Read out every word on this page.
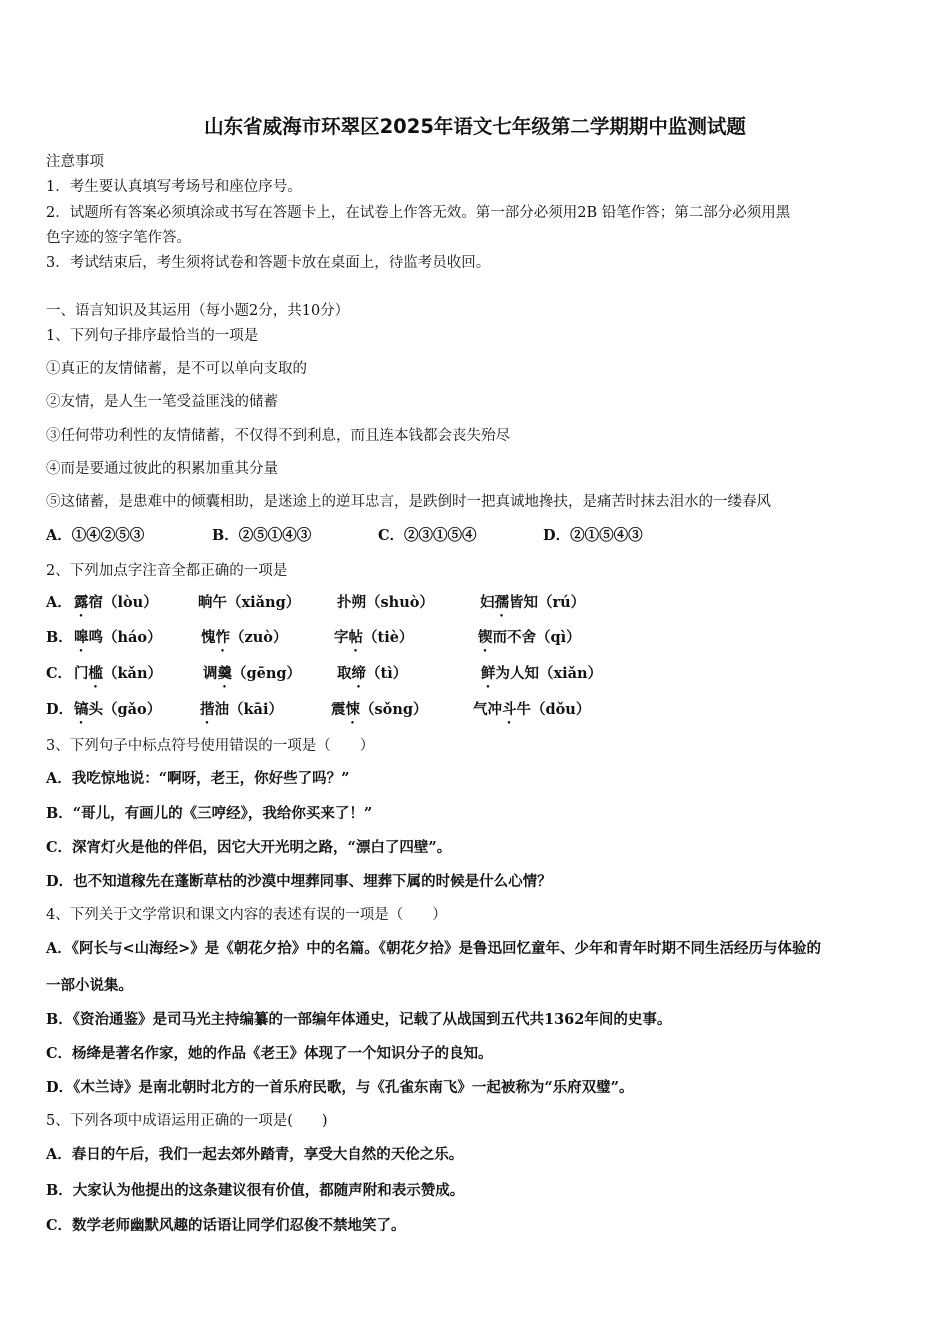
山东省威海市环翠区2025年语文七年级第二学期期中监测试题
注意事项
1．考生要认真填写考场号和座位序号。
2．试题所有答案必须填涂或书写在答题卡上，在试卷上作答无效。第一部分必须用2B 铅笔作答；第二部分必须用黑
色字迹的签字笔作答。
3．考试结束后，考生须将试卷和答题卡放在桌面上，待监考员收回。
一、语言知识及其运用（每小题2分，共10分）
1、下列句子排序最恰当的一项是
①真正的友情储蓄，是不可以单向支取的
②友情，是人生一笔受益匪浅的储蓄
③任何带功利性的友情储蓄，不仅得不到利息，而且连本钱都会丧失殆尽
④而是要通过彼此的积累加重其分量
⑤这储蓄，是患难中的倾囊相助，是迷途上的逆耳忠言，是跌倒时一把真诚地搀扶，是痛苦时抹去泪水的一缕春风
A．①④②⑤③	B．②⑤①④③	C．②③①⑤④	D．②①⑤④③
2、下列加点字注音全都正确的一项是
A． 露宿（lòu）	晌午（xiǎng）	扑朔（shuò）	妇孺皆知（rú）
B． 嗥鸣（háo）	愧怍（zuò）	字帖（tiè）	锲而不舍（qì）
C． 门槛（kǎn）	调羹（gēng） 取缔（tì）	鲜为人知（xiǎn）
D． 镐头（gǎo）	揩油（kāi）	震悚（sǒng）	气冲斗牛（dǒu）
3、下列句子中标点符号使用错误的一项是（　　）
A．我吃惊地说：“啊呀，老王，你好些了吗？”
B．“哥儿，有画儿的《三哼经》，我给你买来了！”
C．深宵灯火是他的伴侣，因它大开光明之路，“漂白了四壁”。
D．也不知道稼先在蓬断草枯的沙漠中埋葬同事、埋葬下属的时候是什么心情？
4、下列关于文学常识和课文内容的表述有误的一项是（　　）
A．《阿长与<山海经>》是《朝花夕拾》中的名篇。《朝花夕拾》是鲁迅回忆童年、少年和青年时期不同生活经历与体验的
一部小说集。
B．《资治通鉴》是司马光主持编纂的一部编年体通史，记载了从战国到五代共1362年间的史事。
C．杨绛是著名作家，她的作品《老王》体现了一个知识分子的良知。
D．《木兰诗》是南北朝时北方的一首乐府民歌，与《孔雀东南飞》一起被称为“乐府双璧”。
5、下列各项中成语运用正确的一项是(　　)
A．春日的午后，我们一起去郊外踏青，享受大自然的天伦之乐。
B．大家认为他提出的这条建议很有价值，都随声附和表示赞成。
C．数学老师幽默风趣的话语让同学们忍俊不禁地笑了。
